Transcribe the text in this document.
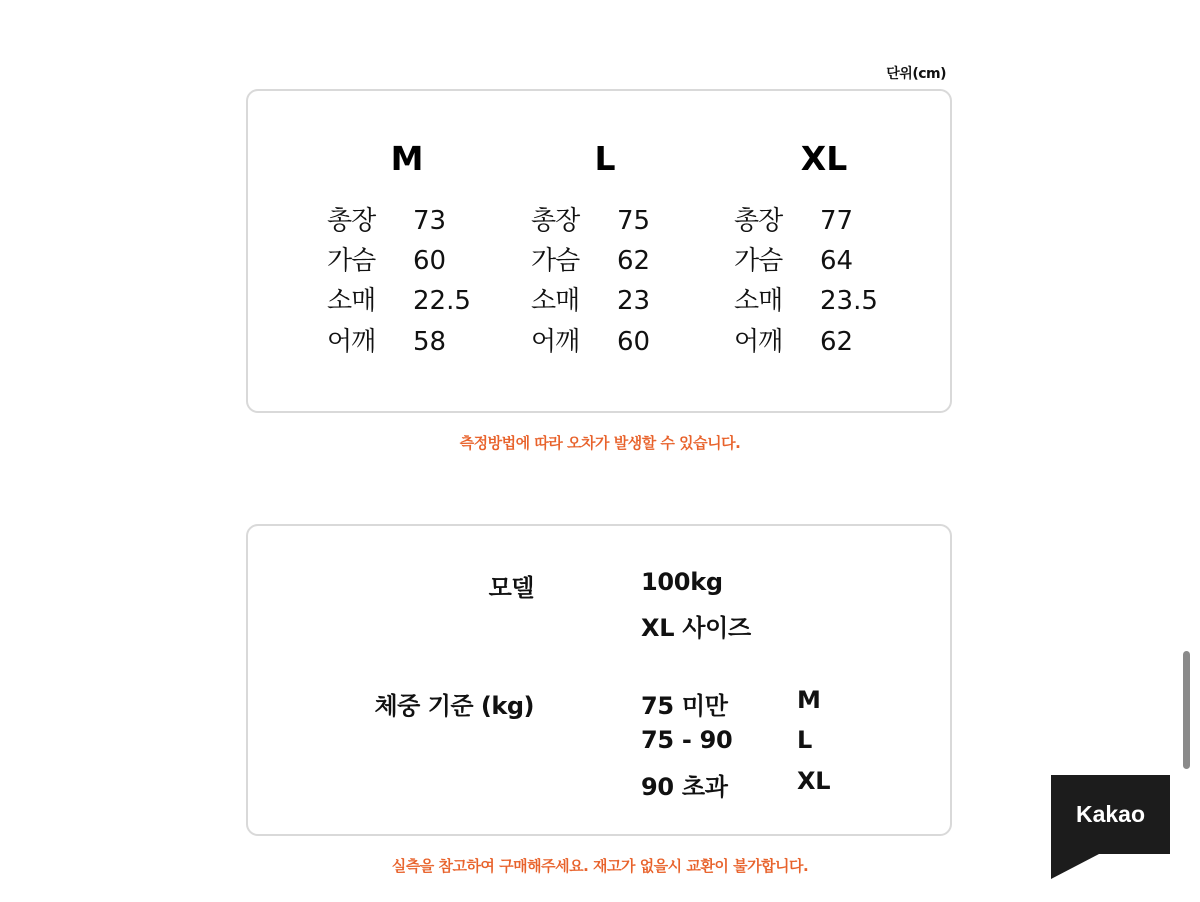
단위(cm)
M
총장	73
가슴	60
소매	22.5
어깨	58
L
총장	75
가슴	62
소매	23
어깨	60
XL
총장	77
가슴	64
소매	23.5
어깨	62
측정방법에 따라 오차가 발생할 수 있습니다.
모델	100kg
XL 사이즈
체중 기준 (kg)	75 미만	M
75 - 90	L
90 초과	XL
실측을 참고하여 구매해주세요. 재고가 없을시 교환이 불가합니다.
Kakao
